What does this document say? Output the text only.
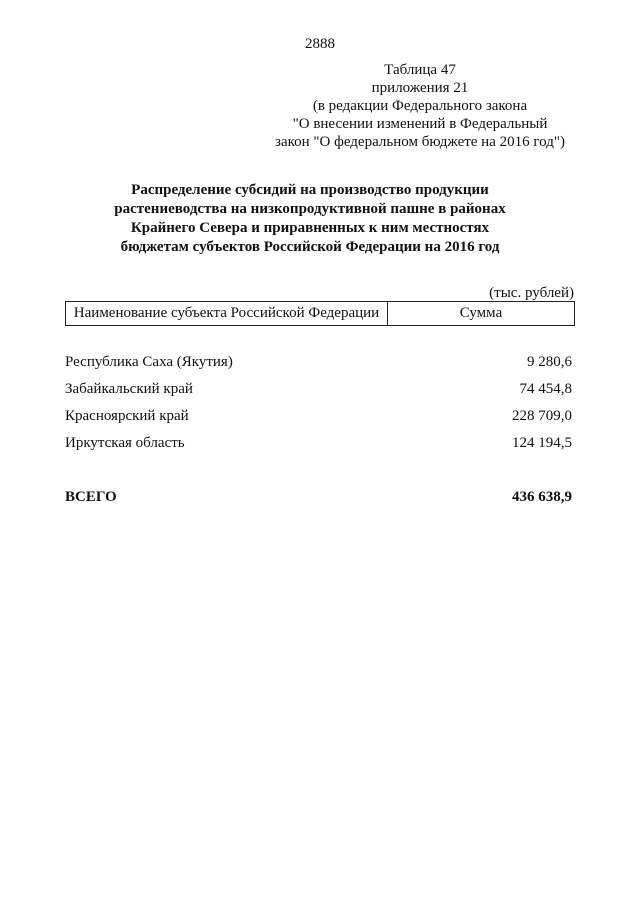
2888
Таблица 47
приложения 21
(в редакции Федерального закона
"О внесении изменений в Федеральный
закон "О федеральном бюджете на 2016 год")
Распределение субсидий на производство продукции
растениеводства на низкопродуктивной пашне в районах
Крайнего Севера и приравненных к ним местностях
бюджетам субъектов Российской Федерации на 2016 год
(тыс. рублей)
Наименование субъекта Российской Федерации	Сумма
Республика Саха (Якутия)	9 280,6
Забайкальский край	74 454,8
Красноярский край	228 709,0
Иркутская область	124 194,5
ВСЕГО	436 638,9
